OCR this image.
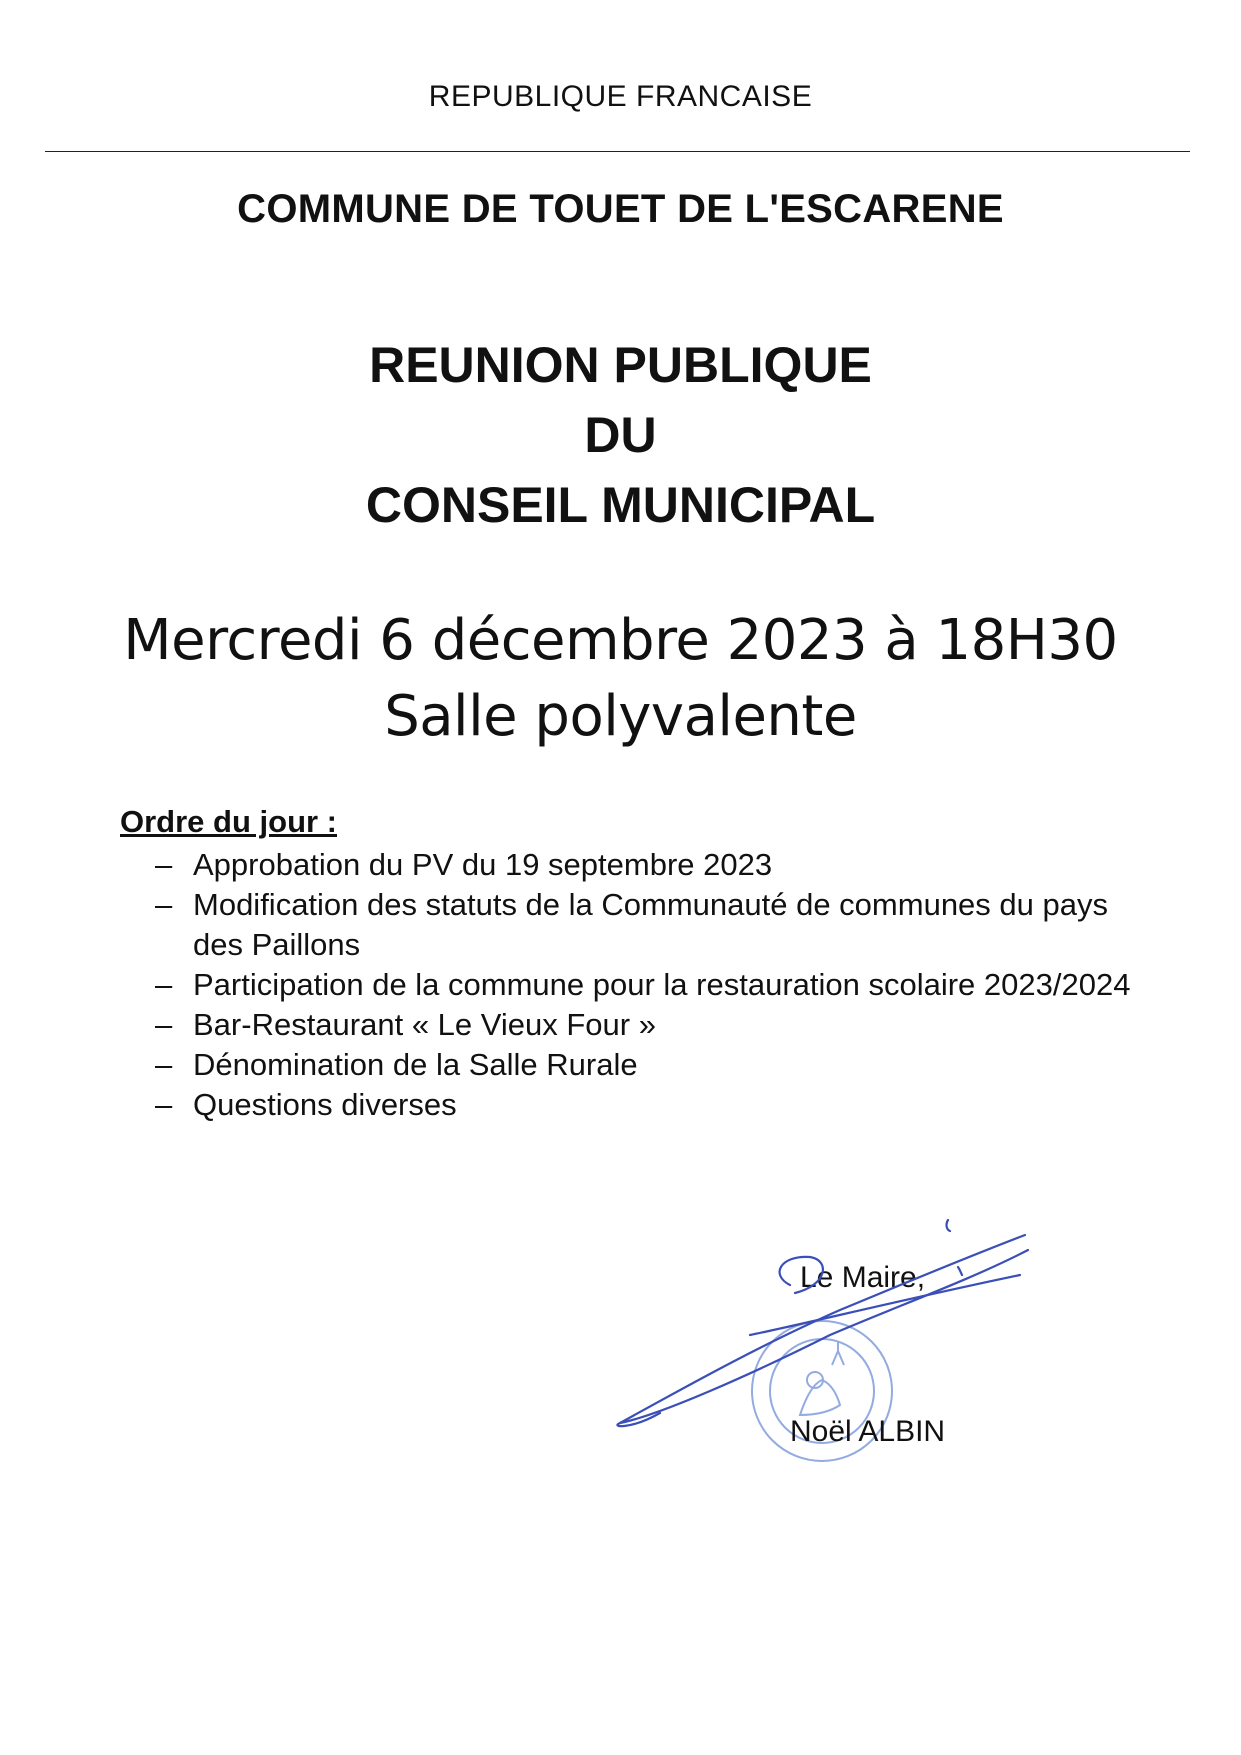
REPUBLIQUE FRANCAISE
COMMUNE DE TOUET DE L'ESCARENE
REUNION PUBLIQUE
DU
CONSEIL MUNICIPAL
Mercredi 6 décembre 2023 à 18H30
Salle polyvalente
Ordre du jour :
– Approbation du PV du 19 septembre 2023
– Modification des statuts de la Communauté de communes du pays des Paillons
– Participation de la commune pour la restauration scolaire 2023/2024
– Bar-Restaurant « Le Vieux Four »
– Dénomination de la Salle Rurale
– Questions diverses
Le Maire,
Noël ALBIN
